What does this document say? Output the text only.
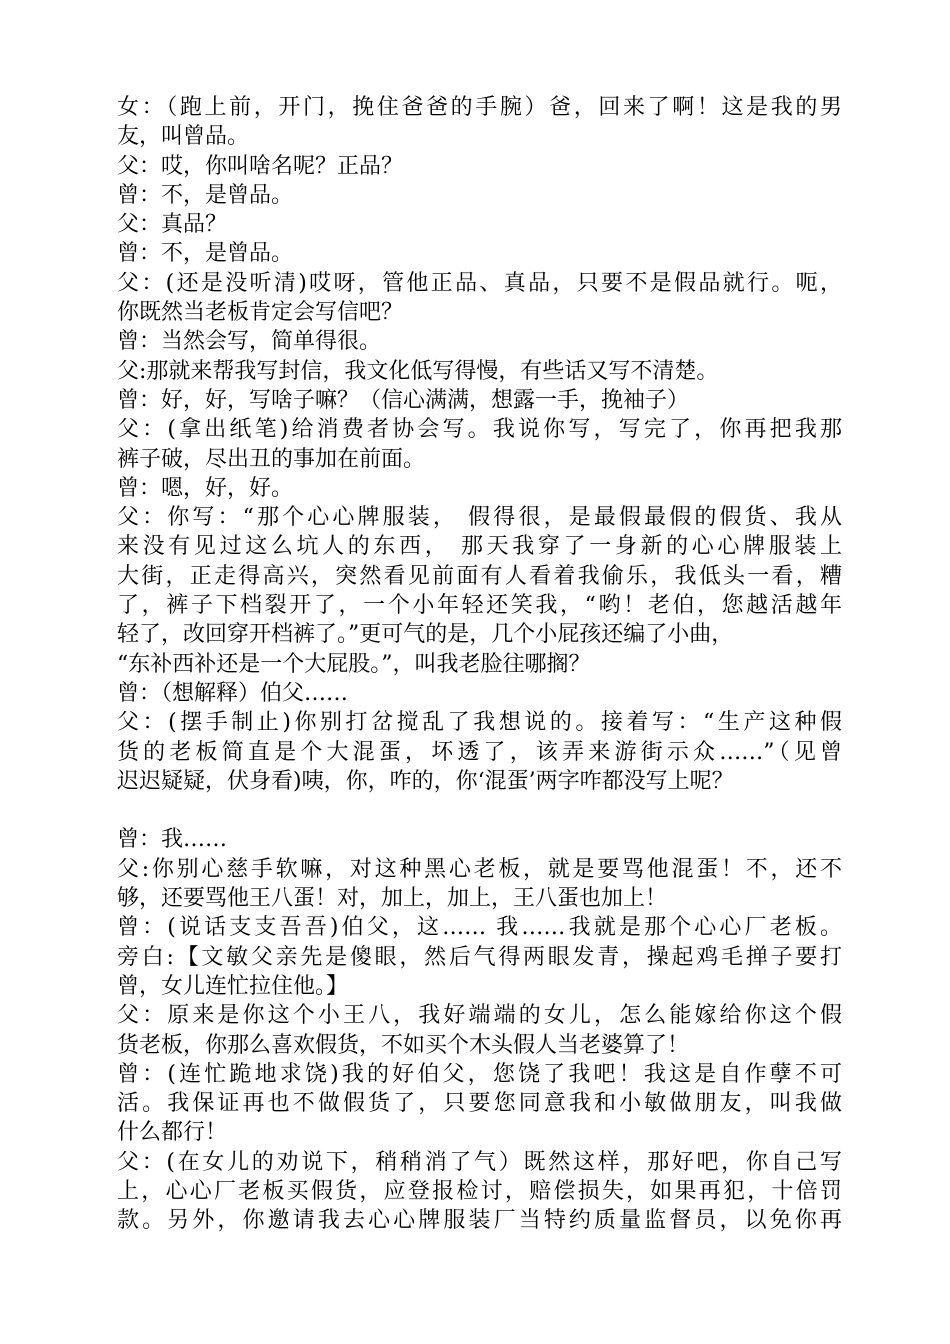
女：（跑上前，开门，挽住爸爸的手腕）爸，回来了啊！这是我的男
友，叫曾品。
父：哎，你叫啥名呢？正品？
曾：不，是曾品。
父：真品？
曾：不，是曾品。
父：(还是没听清)哎呀，管他正品、真品，只要不是假品就行。呃，
你既然当老板肯定会写信吧？
曾：当然会写，简单得很。
父:那就来帮我写封信，我文化低写得慢，有些话又写不清楚。
曾：好，好，写啥子嘛？（信心满满，想露一手，挽袖子）
父：(拿出纸笔)给消费者协会写。我说你写，写完了，你再把我那
裤子破，尽出丑的事加在前面。
曾：嗯，好，好。
父：你写：“那个心心牌服装， 假得很，是最假最假的假货、我从
来没有见过这么坑人的东西， 那天我穿了一身新的心心牌服装上
大街，正走得高兴，突然看见前面有人看着我偷乐，我低头一看，糟
了，裤子下档裂开了，一个小年轻还笑我，“哟！老伯，您越活越年
轻了，改回穿开档裤了。”更可气的是，几个小屁孩还编了小曲，
“东补西补还是一个大屁股。”，叫我老脸往哪搁？
曾：（想解释）伯父……
父：(摆手制止)你别打岔搅乱了我想说的。接着写：“生产这种假
货的老板简直是个大混蛋，坏透了，该弄来游街示众……”（见曾
迟迟疑疑，伏身看)咦，你，咋的，你‘混蛋’两字咋都没写上呢？
曾：我……
父:你别心慈手软嘛，对这种黑心老板，就是要骂他混蛋！不，还不
够，还要骂他王八蛋！对，加上，加上，王八蛋也加上！
曾：(说话支支吾吾)伯父，这…… 我……我就是那个心心厂老板。
旁白:【文敏父亲先是傻眼，然后气得两眼发青，操起鸡毛掸子要打
曾，女儿连忙拉住他。】
父：原来是你这个小王八，我好端端的女儿，怎么能嫁给你这个假
货老板，你那么喜欢假货，不如买个木头假人当老婆算了！
曾：(连忙跪地求饶)我的好伯父，您饶了我吧！我这是自作孽不可
活。我保证再也不做假货了，只要您同意我和小敏做朋友，叫我做
什么都行！
父：(在女儿的劝说下，稍稍消了气）既然这样，那好吧，你自己写
上，心心厂老板买假货，应登报检讨，赔偿损失，如果再犯，十倍罚
款。另外，你邀请我去心心牌服装厂当特约质量监督员，以免你再
